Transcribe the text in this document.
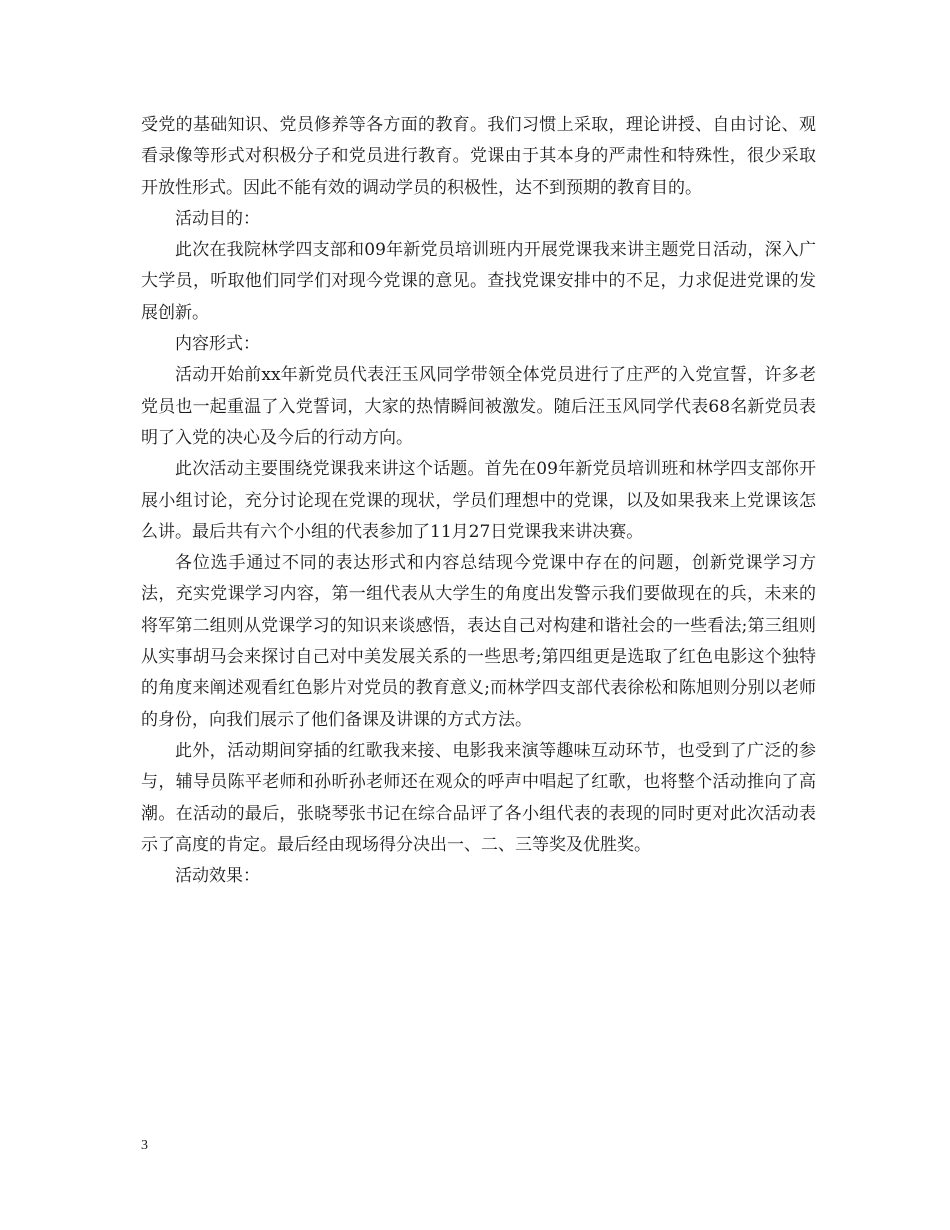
受党的基础知识、党员修养等各方面的教育。我们习惯上采取，理论讲授、自由讨论、观看录像等形式对积极分子和党员进行教育。党课由于其本身的严肃性和特殊性，很少采取开放性形式。因此不能有效的调动学员的积极性，达不到预期的教育目的。

活动目的：

此次在我院林学四支部和09年新党员培训班内开展党课我来讲主题党日活动，深入广大学员，听取他们同学们对现今党课的意见。查找党课安排中的不足，力求促进党课的发展创新。

内容形式：

活动开始前xx年新党员代表汪玉风同学带领全体党员进行了庄严的入党宣誓，许多老党员也一起重温了入党誓词，大家的热情瞬间被激发。随后汪玉风同学代表68名新党员表明了入党的决心及今后的行动方向。

此次活动主要围绕党课我来讲这个话题。首先在09年新党员培训班和林学四支部你开展小组讨论，充分讨论现在党课的现状，学员们理想中的党课，以及如果我来上党课该怎么讲。最后共有六个小组的代表参加了11月27日党课我来讲决赛。

各位选手通过不同的表达形式和内容总结现今党课中存在的问题，创新党课学习方法，充实党课学习内容，第一组代表从大学生的角度出发警示我们要做现在的兵，未来的将军第二组则从党课学习的知识来谈感悟，表达自己对构建和谐社会的一些看法;第三组则从实事胡马会来探讨自己对中美发展关系的一些思考;第四组更是选取了红色电影这个独特的角度来阐述观看红色影片对党员的教育意义;而林学四支部代表徐松和陈旭则分别以老师的身份，向我们展示了他们备课及讲课的方式方法。

此外，活动期间穿插的红歌我来接、电影我来演等趣味互动环节，也受到了广泛的参与，辅导员陈平老师和孙昕孙老师还在观众的呼声中唱起了红歌，也将整个活动推向了高潮。在活动的最后，张晓琴张书记在综合品评了各小组代表的表现的同时更对此次活动表示了高度的肯定。最后经由现场得分决出一、二、三等奖及优胜奖。

活动效果：

3
